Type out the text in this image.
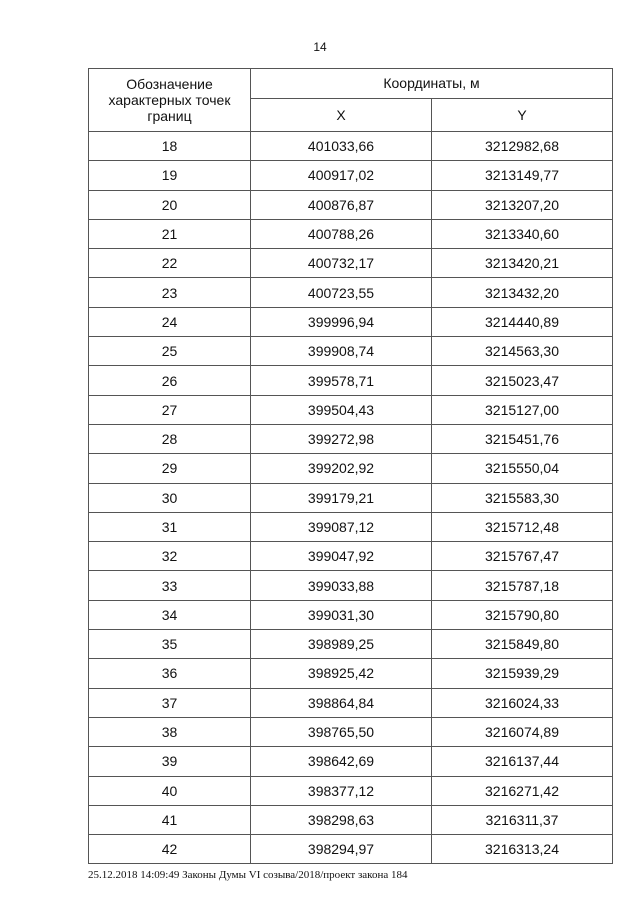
14
Обозначение характерных точек границ	Координаты, м	
	X	Y
18	401033,66	3212982,68
19	400917,02	3213149,77
20	400876,87	3213207,20
21	400788,26	3213340,60
22	400732,17	3213420,21
23	400723,55	3213432,20
24	399996,94	3214440,89
25	399908,74	3214563,30
26	399578,71	3215023,47
27	399504,43	3215127,00
28	399272,98	3215451,76
29	399202,92	3215550,04
30	399179,21	3215583,30
31	399087,12	3215712,48
32	399047,92	3215767,47
33	399033,88	3215787,18
34	399031,30	3215790,80
35	398989,25	3215849,80
36	398925,42	3215939,29
37	398864,84	3216024,33
38	398765,50	3216074,89
39	398642,69	3216137,44
40	398377,12	3216271,42
41	398298,63	3216311,37
42	398294,97	3216313,24
25.12.2018 14:09:49 Законы Думы VI созыва/2018/проект закона 184
